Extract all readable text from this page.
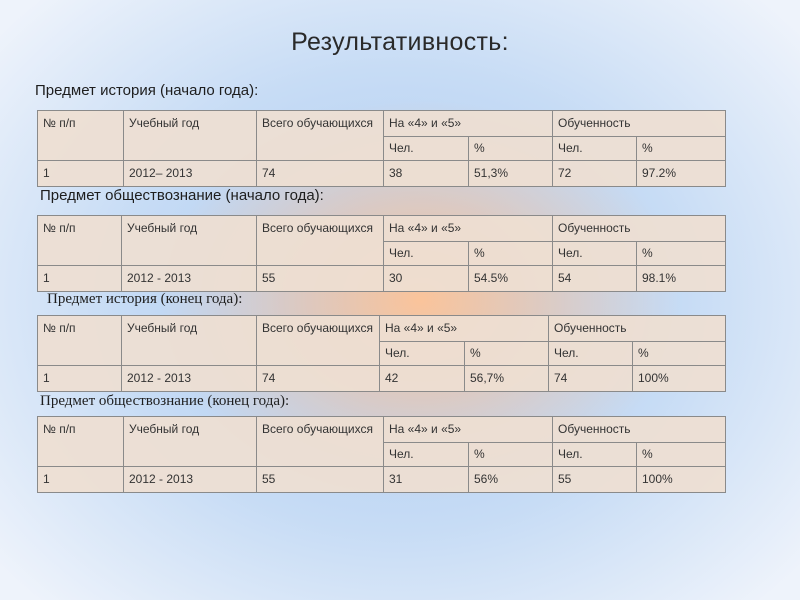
Результативность:
Предмет история (начало года):
№ п/п	Учебный год	Всего обучающихся	На «4» и «5»		Обученность	
			Чел.	%	Чел.	%
1	2012– 2013	74	38	51,3%	72	97.2%
Предмет обществознание (начало года):
№ п/п	Учебный год	Всего обучающихся	На «4» и «5»		Обученность	
			Чел.	%	Чел.	%
1	2012 - 2013	55	30	54.5%	54	98.1%
Предмет история (конец года):
№ п/п	Учебный год	Всего обучающихся	На «4» и «5»		Обученность	
			Чел.	%	Чел.	%
1	2012 - 2013	74	42	56,7%	74	100%
Предмет обществознание (конец года):
№ п/п	Учебный год	Всего обучающихся	На «4» и «5»		Обученность	
			Чел.	%	Чел.	%
1	2012 - 2013	55	31	56%	55	100%
